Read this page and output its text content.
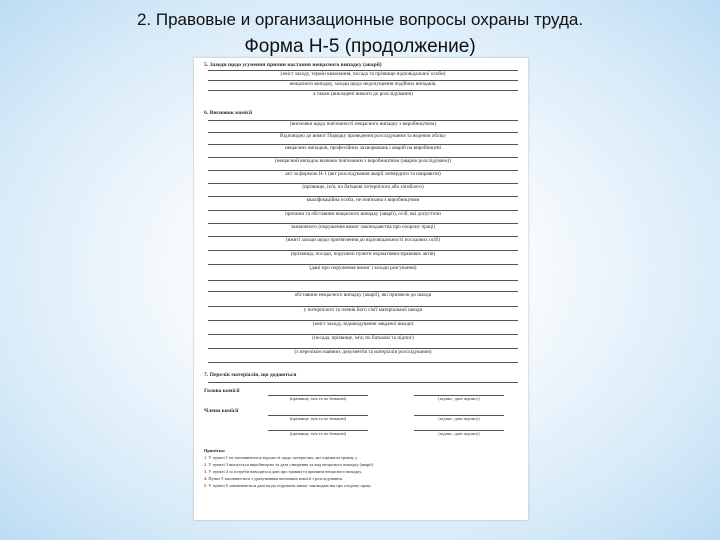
2. Правовые и организационные вопросы охраны труда.
Форма Н-5 (продолжение)
5. Заходи щодо усунення причин настання нещасного випадку (аварії)
(зміст заходу, термін виконання, посада та прізвище відповідальної особи)
нещасного випадку, заходи щодо недопущення подібних випадків,
а також (викладені вимоги до розслідування)
6. Висновок комісії
(висновки щодо пов'язаності нещасного випадку з виробництвом)
Відповідно до вимог Порядку проведення розслідування та ведення обліку
нещасних випадків, професійних захворювань і аварій на виробництві
(нещасний випадок визнано пов'язаним з виробництвом (аварію розслідувано))
акт за формою Н-1 (акт розслідування аварії затвердити та направити)
(прізвище, ім'я, по батькові потерпілого або загиблого)
кваліфікаційна особа, не пов'язана з виробництвом
причини та обставини нещасного випадку (аварії), осіб, які допустили
зазначеного (порушення вимог законодавства про охорону праці)
(вжиті заходи щодо притягнення до відповідальності посадових осіб)
(прізвища, посади, порушені пункти нормативно-правових актів)
(дані про порушення вимог і заходи реагування)
обставини нещасного випадку (аварії), які призвели до шкоди
у потерпілого та членів його сім'ї матеріальної шкоди
(зміст заходу, відшкодування завданої шкоди)
(посада, прізвище, ім'я, по батькові та підпис)
(з переліком наявних документів та матеріалів розслідування)
7. Перелік матеріалів, що додаються
Голова комісії
(прізвище, ім'я та по батькові)	(підпис, дата підпису)
Члени комісії
(прізвище, ім'я та по батькові)	(підпис, дата підпису)
(прізвище, ім'я та по батькові)	(підпис, дата підпису)
Примітки:
1. У пункті 1 не заповнюються відомості щодо потерпілих, які отримали травму у
2. У пункті 3 вказується виробництво та дата створення та вид нещасного випадку (аварії)
3. У пункті 4 за потреби наводяться дані про травми та причини нещасного випадку.
4. Пункт 5 заповнюється з урахуванням висновків комісії з розслідування.
5. У пункті 6 заповнюються дані щодо порушень вимог законодавства про охорону праці.
